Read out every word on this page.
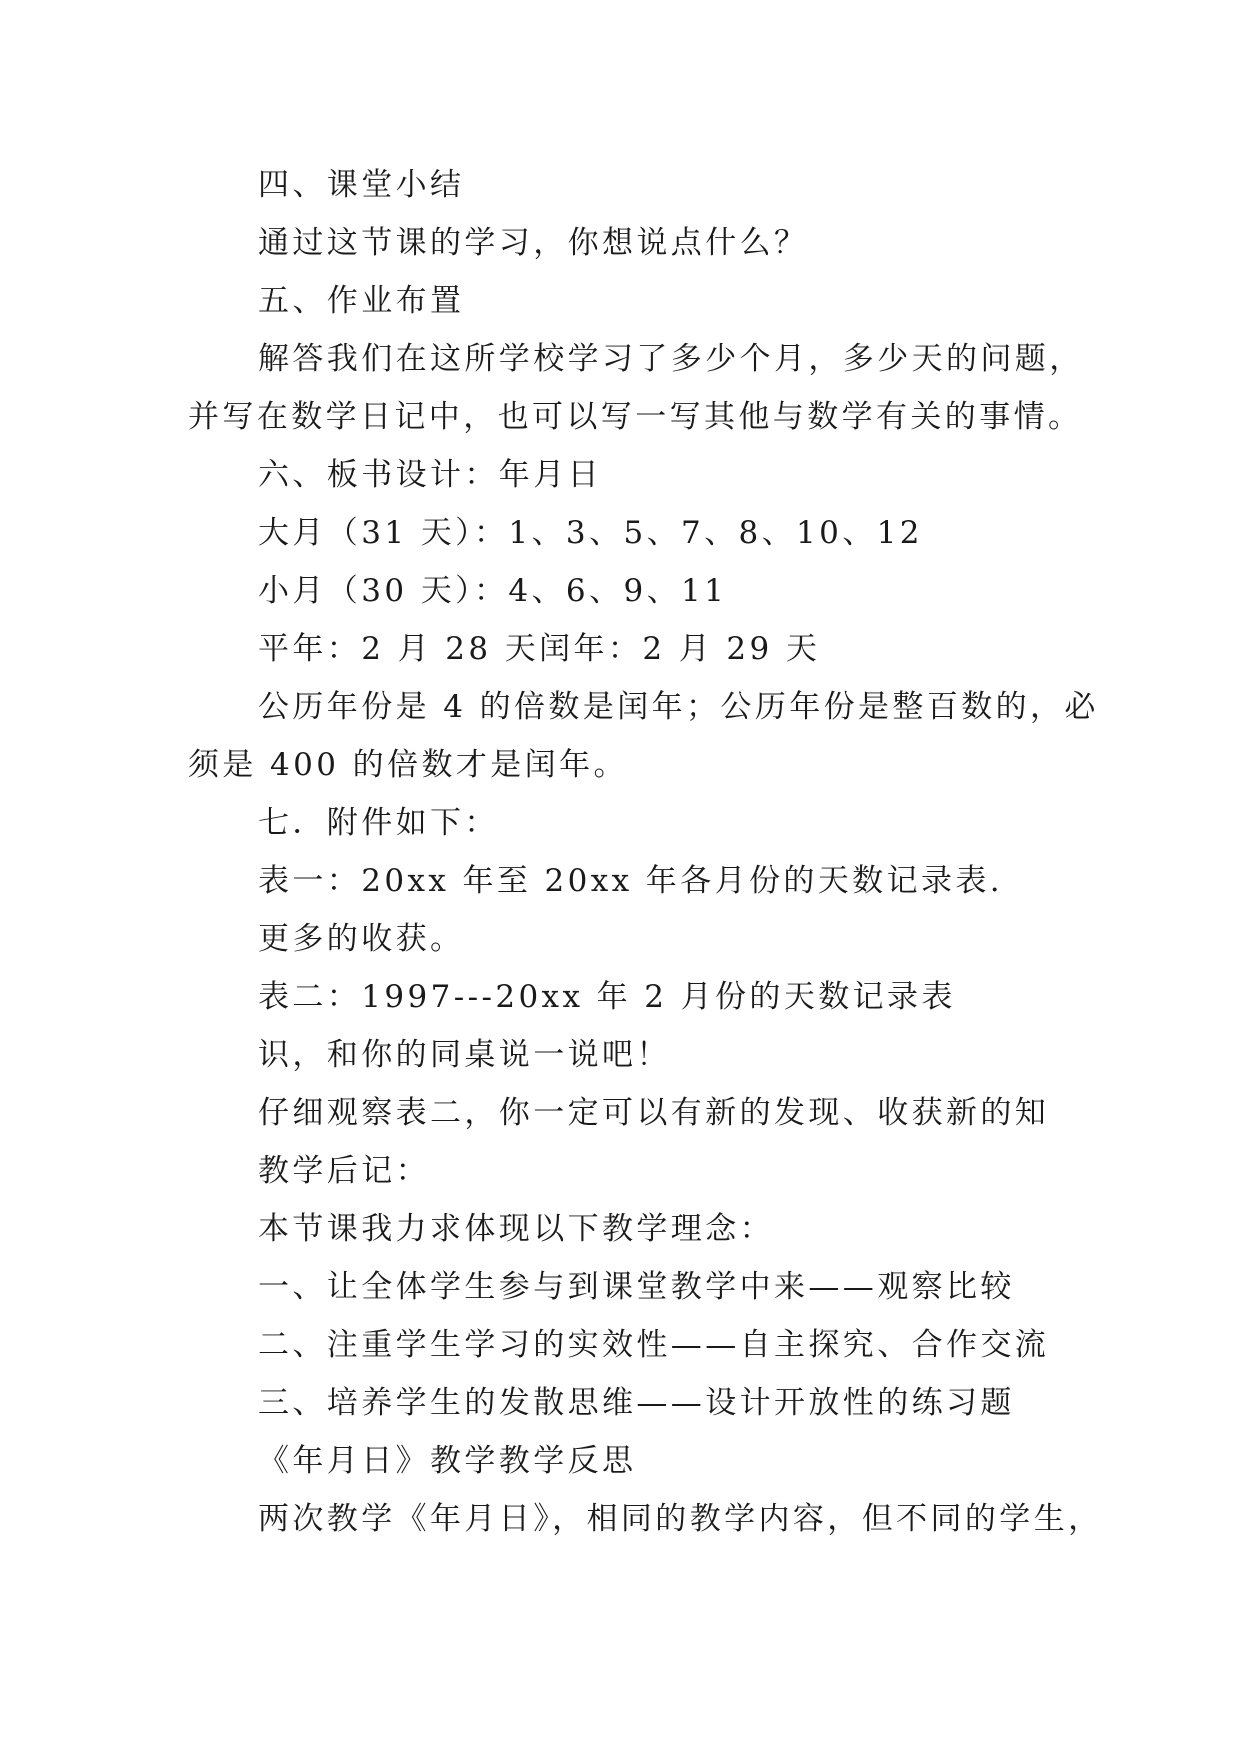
四、课堂小结
通过这节课的学习，你想说点什么？
五、作业布置
解答我们在这所学校学习了多少个月，多少天的问题，
并写在数学日记中，也可以写一写其他与数学有关的事情。
六、板书设计：年月日
大月（31 天）：1、3、5、7、8、10、12
小月（30 天）：4、6、9、11
平年：2 月 28 天闰年：2 月 29 天
公历年份是 4 的倍数是闰年；公历年份是整百数的，必
须是 400 的倍数才是闰年。
七．附件如下：
表一：20xx 年至 20xx 年各月份的天数记录表.
更多的收获。
表二：1997---20xx 年 2 月份的天数记录表
识，和你的同桌说一说吧！
仔细观察表二，你一定可以有新的发现、收获新的知
教学后记：
本节课我力求体现以下教学理念：
一、让全体学生参与到课堂教学中来——观察比较
二、注重学生学习的实效性——自主探究、合作交流
三、培养学生的发散思维——设计开放性的练习题
《年月日》教学教学反思
两次教学《年月日》，相同的教学内容，但不同的学生，
